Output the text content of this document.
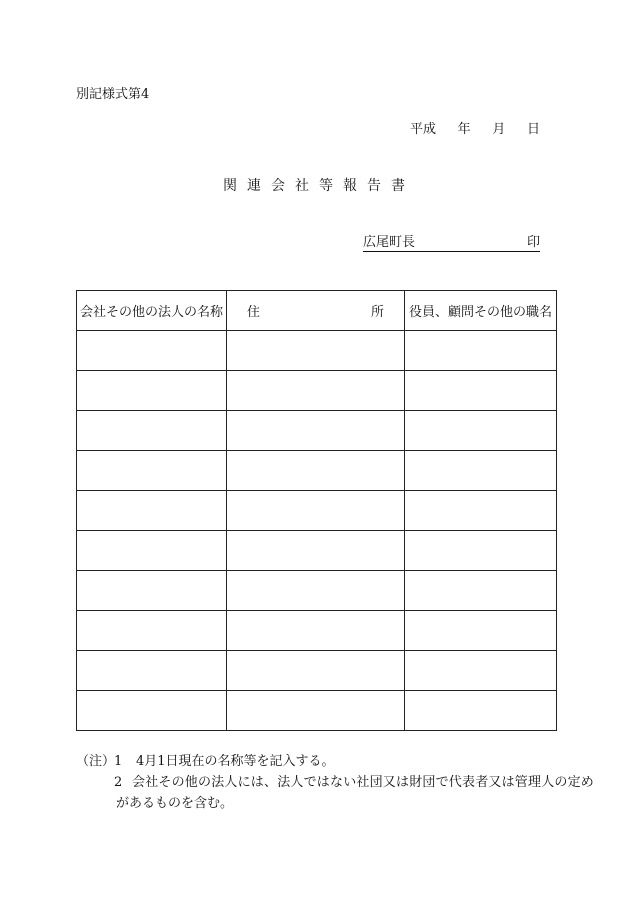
別記様式第4
平成 年 月 日
関 連 会 社 等 報 告 書
広尾町長	印
会社その他の法人の名称	住 所	役員、顧問その他の職名

（注）
1 4月1日現在の名称等を記入する。
2 会社その他の法人には、法人ではない社団又は財団で代表者又は管理人の定め
があるものを含む。
